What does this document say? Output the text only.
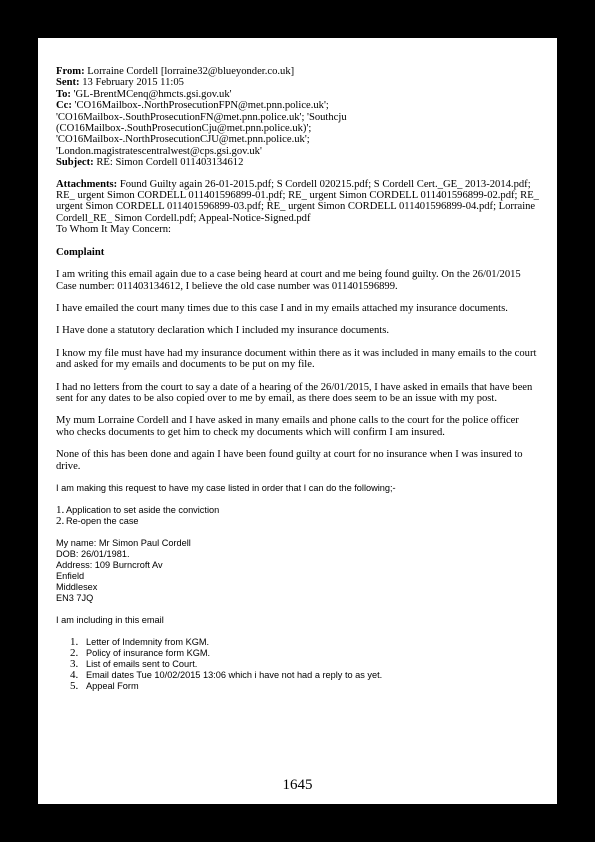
From: Lorraine Cordell [lorraine32@blueyonder.co.uk]
Sent: 13 February 2015 11:05
To: 'GL-BrentMCenq@hmcts.gsi.gov.uk'
Cc: 'CO16Mailbox-.NorthProsecutionFPN@met.pnn.police.uk';
'CO16Mailbox-.SouthProsecutionFN@met.pnn.police.uk'; 'Southcju
(CO16Mailbox-.SouthProsecutionCju@met.pnn.police.uk)';
'CO16Mailbox-.NorthProsecutionCJU@met.pnn.police.uk';
'London.magistratescentralwest@cps.gsi.gov.uk'
Subject: RE: Simon Cordell 011403134612
Attachments: Found Guilty again 26-01-2015.pdf; S Cordell 020215.pdf; S Cordell Cert._GE_ 2013-2014.pdf; RE_ urgent Simon CORDELL 011401596899-01.pdf; RE_ urgent Simon CORDELL 011401596899-02.pdf; RE_ urgent Simon CORDELL 011401596899-03.pdf; RE_ urgent Simon CORDELL 011401596899-04.pdf; Lorraine Cordell_RE_ Simon Cordell.pdf; Appeal-Notice-Signed.pdf
To Whom It May Concern:
Complaint
I am writing this email again due to a case being heard at court and me being found guilty. On the 26/01/2015 Case number: 011403134612, I believe the old case number was 011401596899.
I have emailed the court many times due to this case I and in my emails attached my insurance documents.
I Have done a statutory declaration which I included my insurance documents.
I know my file must have had my insurance document within there as it was included in many emails to the court and asked for my emails and documents to be put on my file.
I had no letters from the court to say a date of a hearing of the 26/01/2015, I have asked in emails that have been sent for any dates to be also copied over to me by email, as there does seem to be an issue with my post.
My mum Lorraine Cordell and I have asked in many emails and phone calls to the court for the police officer who checks documents to get him to check my documents which will confirm I am insured.
None of this has been done and again I have been found guilty at court for no insurance when I was insured to drive.
I am making this request to have my case listed in order that I can do the following;-
1. Application to set aside the conviction
2. Re-open the case
My name: Mr Simon Paul Cordell
DOB: 26/01/1981.
Address: 109 Burncroft Av
Enfield
Middlesex
EN3 7JQ
I am including in this email
1. Letter of Indemnity from KGM.
2. Policy of insurance form KGM.
3. List of emails sent to Court.
4. Email dates Tue 10/02/2015 13:06 which i have not had a reply to as yet.
5. Appeal Form
1645
